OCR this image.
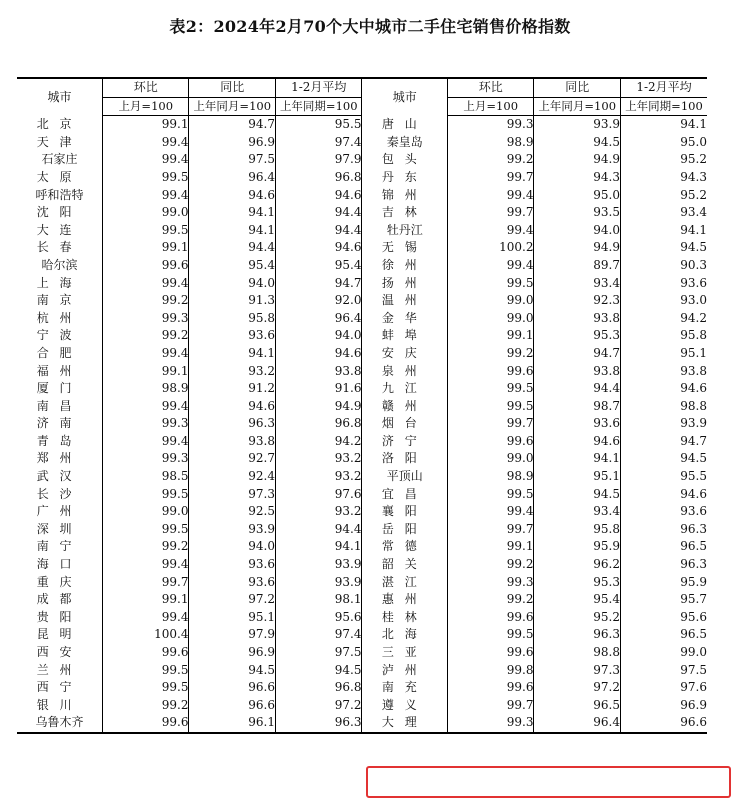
表2：2024年2月70个大中城市二手住宅销售价格指数
城市	环比	同比	1-2月平均	城市	环比	同比	1-2月平均
	上月=100	上年同月=100	上年同期=100		上月=100	上年同月=100	上年同期=100
北京	99.1	94.7	95.5	唐山	99.3	93.9	94.1
天津	99.4	96.9	97.4	秦皇岛	98.9	94.5	95.0
石家庄	99.4	97.5	97.9	包头	99.2	94.9	95.2
太原	99.5	96.4	96.8	丹东	99.7	94.3	94.3
呼和浩特	99.4	94.6	94.6	锦州	99.4	95.0	95.2
沈阳	99.0	94.1	94.4	吉林	99.7	93.5	93.4
大连	99.5	94.1	94.4	牡丹江	99.4	94.0	94.1
长春	99.1	94.4	94.6	无锡	100.2	94.9	94.5
哈尔滨	99.6	95.4	95.4	徐州	99.4	89.7	90.3
上海	99.4	94.0	94.7	扬州	99.5	93.4	93.6
南京	99.2	91.3	92.0	温州	99.0	92.3	93.0
杭州	99.3	95.8	96.4	金华	99.0	93.8	94.2
宁波	99.2	93.6	94.0	蚌埠	99.1	95.3	95.8
合肥	99.4	94.1	94.6	安庆	99.2	94.7	95.1
福州	99.1	93.2	93.8	泉州	99.6	93.8	93.8
厦门	98.9	91.2	91.6	九江	99.5	94.4	94.6
南昌	99.4	94.6	94.9	赣州	99.5	98.7	98.8
济南	99.3	96.3	96.8	烟台	99.7	93.6	93.9
青岛	99.4	93.8	94.2	济宁	99.6	94.6	94.7
郑州	99.3	92.7	93.2	洛阳	99.0	94.1	94.5
武汉	98.5	92.4	93.2	平顶山	98.9	95.1	95.5
长沙	99.5	97.3	97.6	宜昌	99.5	94.5	94.6
广州	99.0	92.5	93.2	襄阳	99.4	93.4	93.6
深圳	99.5	93.9	94.4	岳阳	99.7	95.8	96.3
南宁	99.2	94.0	94.1	常德	99.1	95.9	96.5
海口	99.4	93.6	93.9	韶关	99.2	96.2	96.3
重庆	99.7	93.6	93.9	湛江	99.3	95.3	95.9
成都	99.1	97.2	98.1	惠州	99.2	95.4	95.7
贵阳	99.4	95.1	95.6	桂林	99.6	95.2	95.6
昆明	100.4	97.9	97.4	北海	99.5	96.3	96.5
西安	99.6	96.9	97.5	三亚	99.6	98.8	99.0
兰州	99.5	94.5	94.5	泸州	99.8	97.3	97.5
西宁	99.5	96.6	96.8	南充	99.6	97.2	97.6
银川	99.2	96.6	97.2	遵义	99.7	96.5	96.9
乌鲁木齐	99.6	96.1	96.3	大理	99.3	96.4	96.6
